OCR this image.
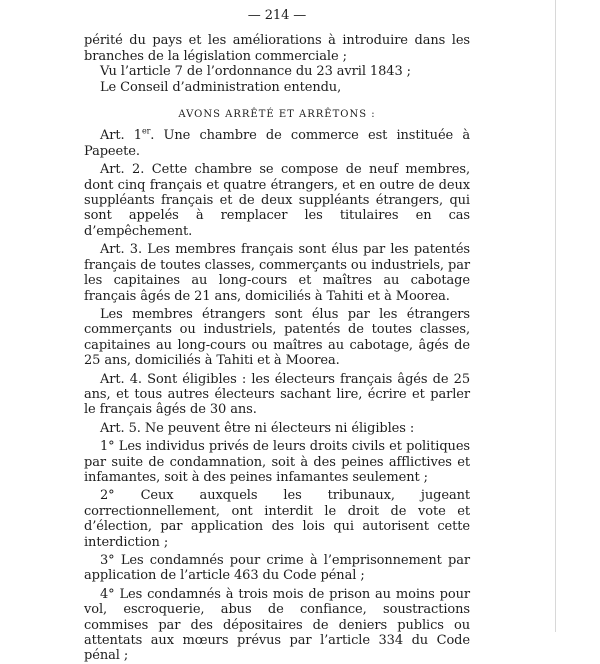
— 214 —

périté du pays et les améliorations à introduire dans les branches de la législation commerciale ;

Vu l’article 7 de l’ordonnance du 23 avril 1843 ;

Le Conseil d’administration entendu,

AVONS ARRÊTÉ ET ARRÊTONS :

Art. 1er. Une chambre de commerce est instituée à Papeete.

Art. 2. Cette chambre se compose de neuf membres, dont cinq français et quatre étrangers, et en outre de deux suppléants français et de deux suppléants étrangers, qui sont appelés à remplacer les titulaires en cas d’empêchement.

Art. 3. Les membres français sont élus par les patentés français de toutes classes, commerçants ou industriels, par les capitaines au long-cours et maîtres au cabotage français âgés de 21 ans, domiciliés à Tahiti et à Moorea.

Les membres étrangers sont élus par les étrangers commerçants ou industriels, patentés de toutes classes, capitaines au long-cours ou maîtres au cabotage, âgés de 25 ans, domiciliés à Tahiti et à Moorea.

Art. 4. Sont éligibles : les électeurs français âgés de 25 ans, et tous autres électeurs sachant lire, écrire et parler le français âgés de 30 ans.

Art. 5. Ne peuvent être ni électeurs ni éligibles :

1° Les individus privés de leurs droits civils et politiques par suite de condamnation, soit à des peines afflictives et infamantes, soit à des peines infamantes seulement ;

2° Ceux auxquels les tribunaux, jugeant correctionnellement, ont interdit le droit de vote et d’élection, par application des lois qui autorisent cette interdiction ;

3° Les condamnés pour crime à l’emprisonnement par application de l’article 463 du Code pénal ;

4° Les condamnés à trois mois de prison au moins pour vol, escroquerie, abus de confiance, soustractions commises par des dépositaires de deniers publics ou attentats aux mœurs prévus par l’article 334 du Code pénal ;
